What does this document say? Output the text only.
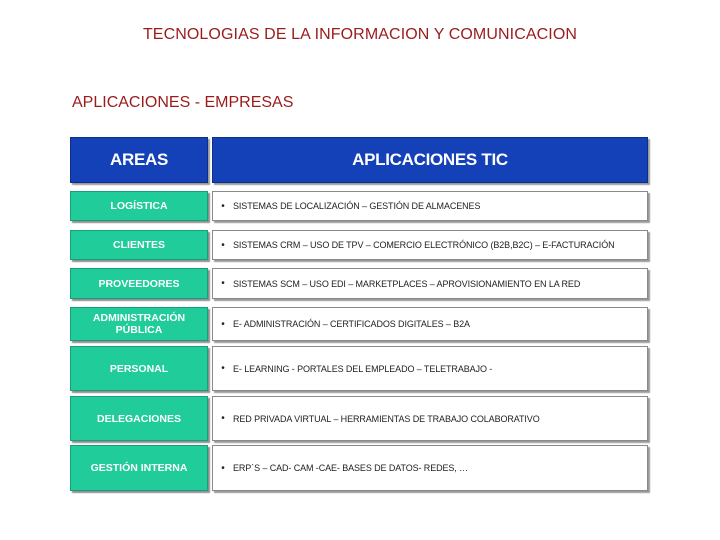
TECNOLOGIAS DE LA INFORMACION Y COMUNICACION
APLICACIONES - EMPRESAS
AREAS	APLICACIONES TIC
LOGÍSTICA	• SISTEMAS DE LOCALIZACIÓN – GESTIÓN DE ALMACENES
CLIENTES	• SISTEMAS CRM – USO DE TPV – COMERCIO ELECTRÓNICO (B2B,B2C) – E-FACTURACIÓN
PROVEEDORES	• SISTEMAS SCM – USO EDI – MARKETPLACES – APROVISIONAMIENTO EN LA RED
ADMINISTRACIÓN PÚBLICA	• E- ADMINISTRACIÓN – CERTIFICADOS DIGITALES – B2A
PERSONAL	• E- LEARNING - PORTALES DEL EMPLEADO – TELETRABAJO -
DELEGACIONES	• RED PRIVADA VIRTUAL – HERRAMIENTAS DE TRABAJO COLABORATIVO
GESTIÓN INTERNA	• ERP´S – CAD- CAM -CAE- BASES DE DATOS- REDES, …
